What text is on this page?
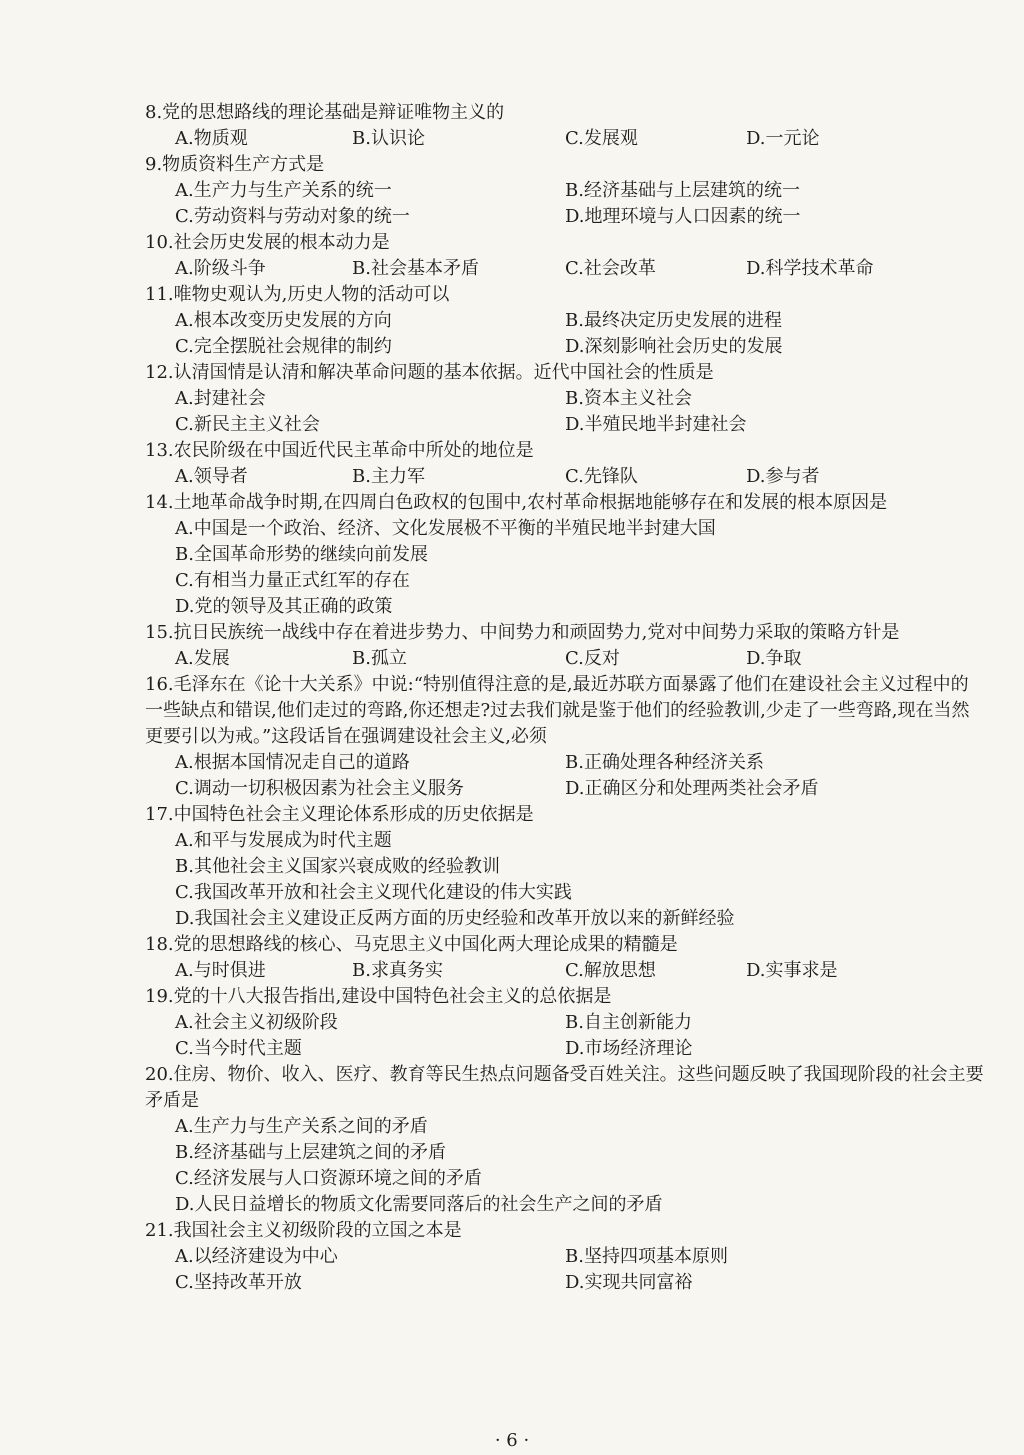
8.党的思想路线的理论基础是辩证唯物主义的
A.物质观	B.认识论	C.发展观	D.一元论
9.物质资料生产方式是
A.生产力与生产关系的统一	B.经济基础与上层建筑的统一
C.劳动资料与劳动对象的统一	D.地理环境与人口因素的统一
10.社会历史发展的根本动力是
A.阶级斗争	B.社会基本矛盾	C.社会改革	D.科学技术革命
11.唯物史观认为,历史人物的活动可以
A.根本改变历史发展的方向	B.最终决定历史发展的进程
C.完全摆脱社会规律的制约	D.深刻影响社会历史的发展
12.认清国情是认清和解决革命问题的基本依据。近代中国社会的性质是
A.封建社会	B.资本主义社会
C.新民主主义社会	D.半殖民地半封建社会
13.农民阶级在中国近代民主革命中所处的地位是
A.领导者	B.主力军	C.先锋队	D.参与者
14.土地革命战争时期,在四周白色政权的包围中,农村革命根据地能够存在和发展的根本原因是
A.中国是一个政治、经济、文化发展极不平衡的半殖民地半封建大国
B.全国革命形势的继续向前发展
C.有相当力量正式红军的存在
D.党的领导及其正确的政策
15.抗日民族统一战线中存在着进步势力、中间势力和顽固势力,党对中间势力采取的策略方针是
A.发展	B.孤立	C.反对	D.争取
16.毛泽东在《论十大关系》中说:“特别值得注意的是,最近苏联方面暴露了他们在建设社会主义过程中的一些缺点和错误,他们走过的弯路,你还想走?过去我们就是鉴于他们的经验教训,少走了一些弯路,现在当然更要引以为戒。”这段话旨在强调建设社会主义,必须
A.根据本国情况走自己的道路	B.正确处理各种经济关系
C.调动一切积极因素为社会主义服务	D.正确区分和处理两类社会矛盾
17.中国特色社会主义理论体系形成的历史依据是
A.和平与发展成为时代主题
B.其他社会主义国家兴衰成败的经验教训
C.我国改革开放和社会主义现代化建设的伟大实践
D.我国社会主义建设正反两方面的历史经验和改革开放以来的新鲜经验
18.党的思想路线的核心、马克思主义中国化两大理论成果的精髓是
A.与时俱进	B.求真务实	C.解放思想	D.实事求是
19.党的十八大报告指出,建设中国特色社会主义的总依据是
A.社会主义初级阶段	B.自主创新能力
C.当今时代主题	D.市场经济理论
20.住房、物价、收入、医疗、教育等民生热点问题备受百姓关注。这些问题反映了我国现阶段的社会主要矛盾是
A.生产力与生产关系之间的矛盾
B.经济基础与上层建筑之间的矛盾
C.经济发展与人口资源环境之间的矛盾
D.人民日益增长的物质文化需要同落后的社会生产之间的矛盾
21.我国社会主义初级阶段的立国之本是
A.以经济建设为中心	B.坚持四项基本原则
C.坚持改革开放	D.实现共同富裕
· 6 ·
